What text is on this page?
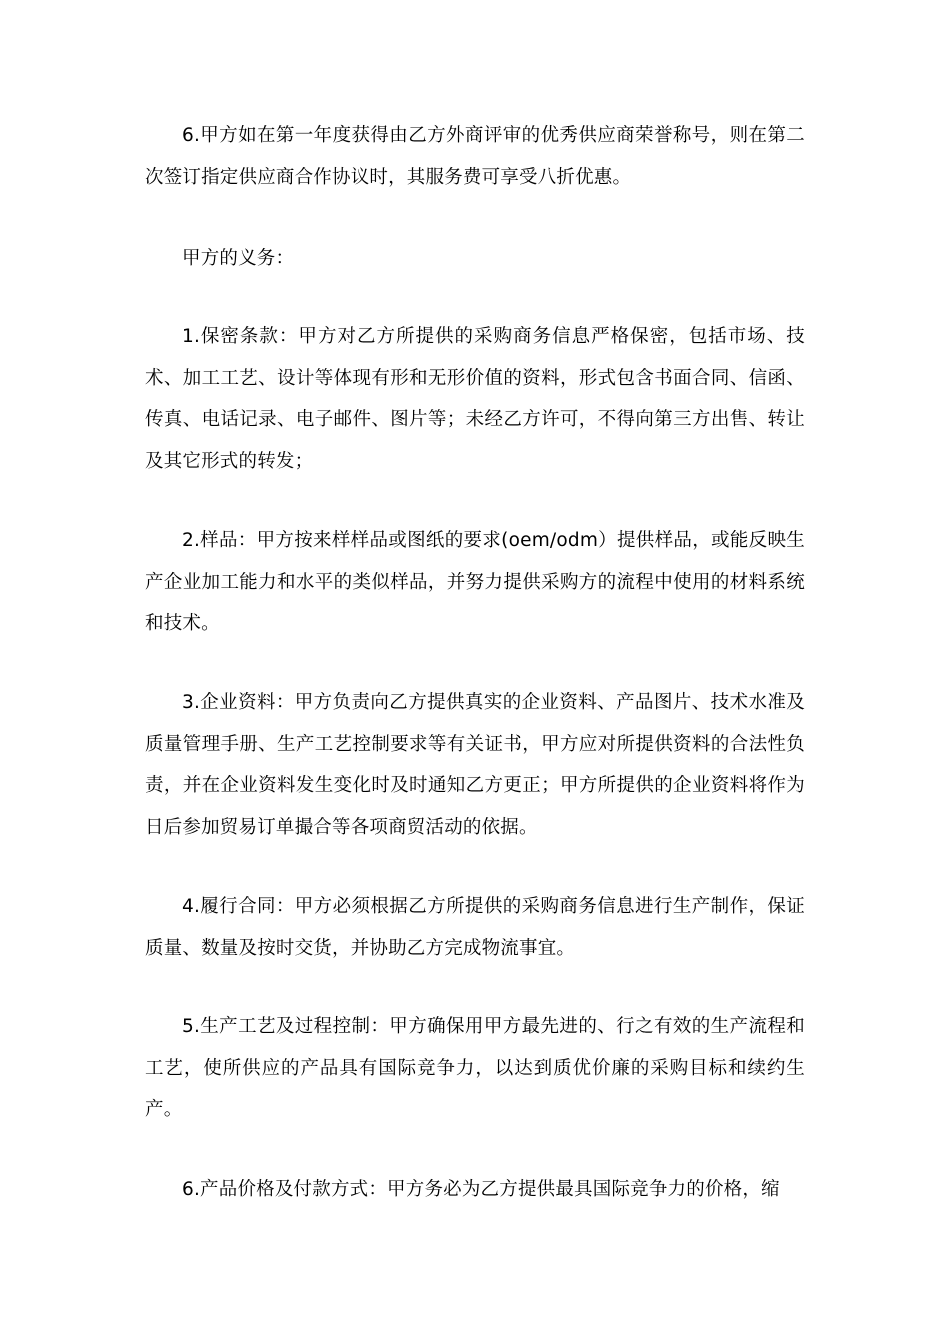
6.甲方如在第一年度获得由乙方外商评审的优秀供应商荣誉称号，则在第二次签订指定供应商合作协议时，其服务费可享受八折优惠。

甲方的义务：

1.保密条款：甲方对乙方所提供的采购商务信息严格保密，包括市场、技术、加工工艺、设计等体现有形和无形价值的资料，形式包含书面合同、信函、传真、电话记录、电子邮件、图片等；未经乙方许可，不得向第三方出售、转让及其它形式的转发；

2.样品：甲方按来样样品或图纸的要求(oem/odm）提供样品，或能反映生产企业加工能力和水平的类似样品，并努力提供采购方的流程中使用的材料系统和技术。

3.企业资料：甲方负责向乙方提供真实的企业资料、产品图片、技术水准及质量管理手册、生产工艺控制要求等有关证书，甲方应对所提供资料的合法性负责，并在企业资料发生变化时及时通知乙方更正；甲方所提供的企业资料将作为日后参加贸易订单撮合等各项商贸活动的依据。

4.履行合同：甲方必须根据乙方所提供的采购商务信息进行生产制作，保证质量、数量及按时交货，并协助乙方完成物流事宜。

5.生产工艺及过程控制：甲方确保用甲方最先进的、行之有效的生产流程和工艺，使所供应的产品具有国际竞争力，以达到质优价廉的采购目标和续约生产。

6.产品价格及付款方式：甲方务必为乙方提供最具国际竞争力的价格，缩
